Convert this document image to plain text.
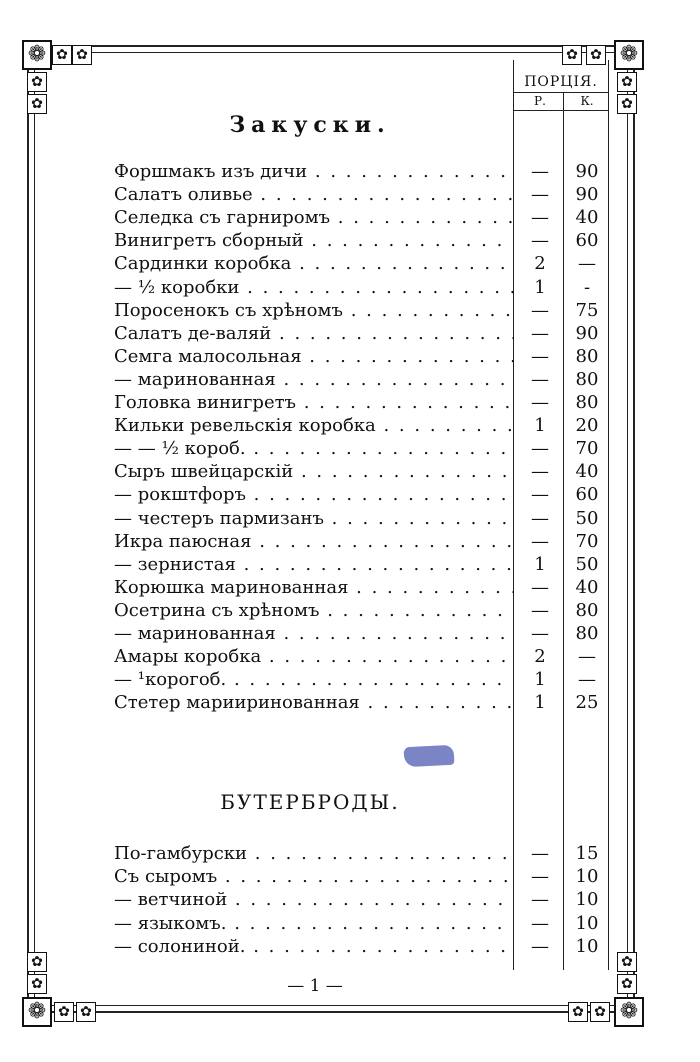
❁	❁
❁	❁
✿ ✿	✿ ✿
✿
✿
✿
✿
✿
✿
✿
✿
✿ ✿	✿ ✿
ПОРЦІЯ.
Р.	К.
Закуски.
Форшмакъ изъ дичи . . .	—	90
Салатъ оливье . . .	—	90
Селедка съ гарниромъ . . .	—	40
Винигретъ сборный . . .	—	60
Сардинки коробка . . .	2	—
— ½ коробки . . .	1	-
Поросенокъ съ хрѣномъ . . .	—	75
Салатъ де-валяй . . .	—	90
Семга малосольная . . .	—	80
— маринованная . . .	—	80
Головка винигретъ . . .	—	80
Кильки ревельскія коробка . . .	1	20
— — ½ короб. . . .	—	70
Сыръ швейцарскій . . .	—	40
— рокштфоръ . . .	—	60
— честеръ пармизанъ . . .	—	50
Икра паюсная . . .	—	70
— зернистая . . .	1	50
Корюшка маринованная . . .	—	40
Осетрина съ хрѣномъ . . .	—	80
— маринованная . . .	—	80
Амары коробка . . .	2	—
— ¹корогоб. . . .	1	—
Стетер марииринованная . . .	1	25
БУТЕРБРОДЫ.
По-гамбурски . . .	—	15
Съ сыромъ . . .	—	10
— ветчиной . . .	—	10
— языкомъ. . . .	—	10
— солониной. . . .	—	10
— 1 —
